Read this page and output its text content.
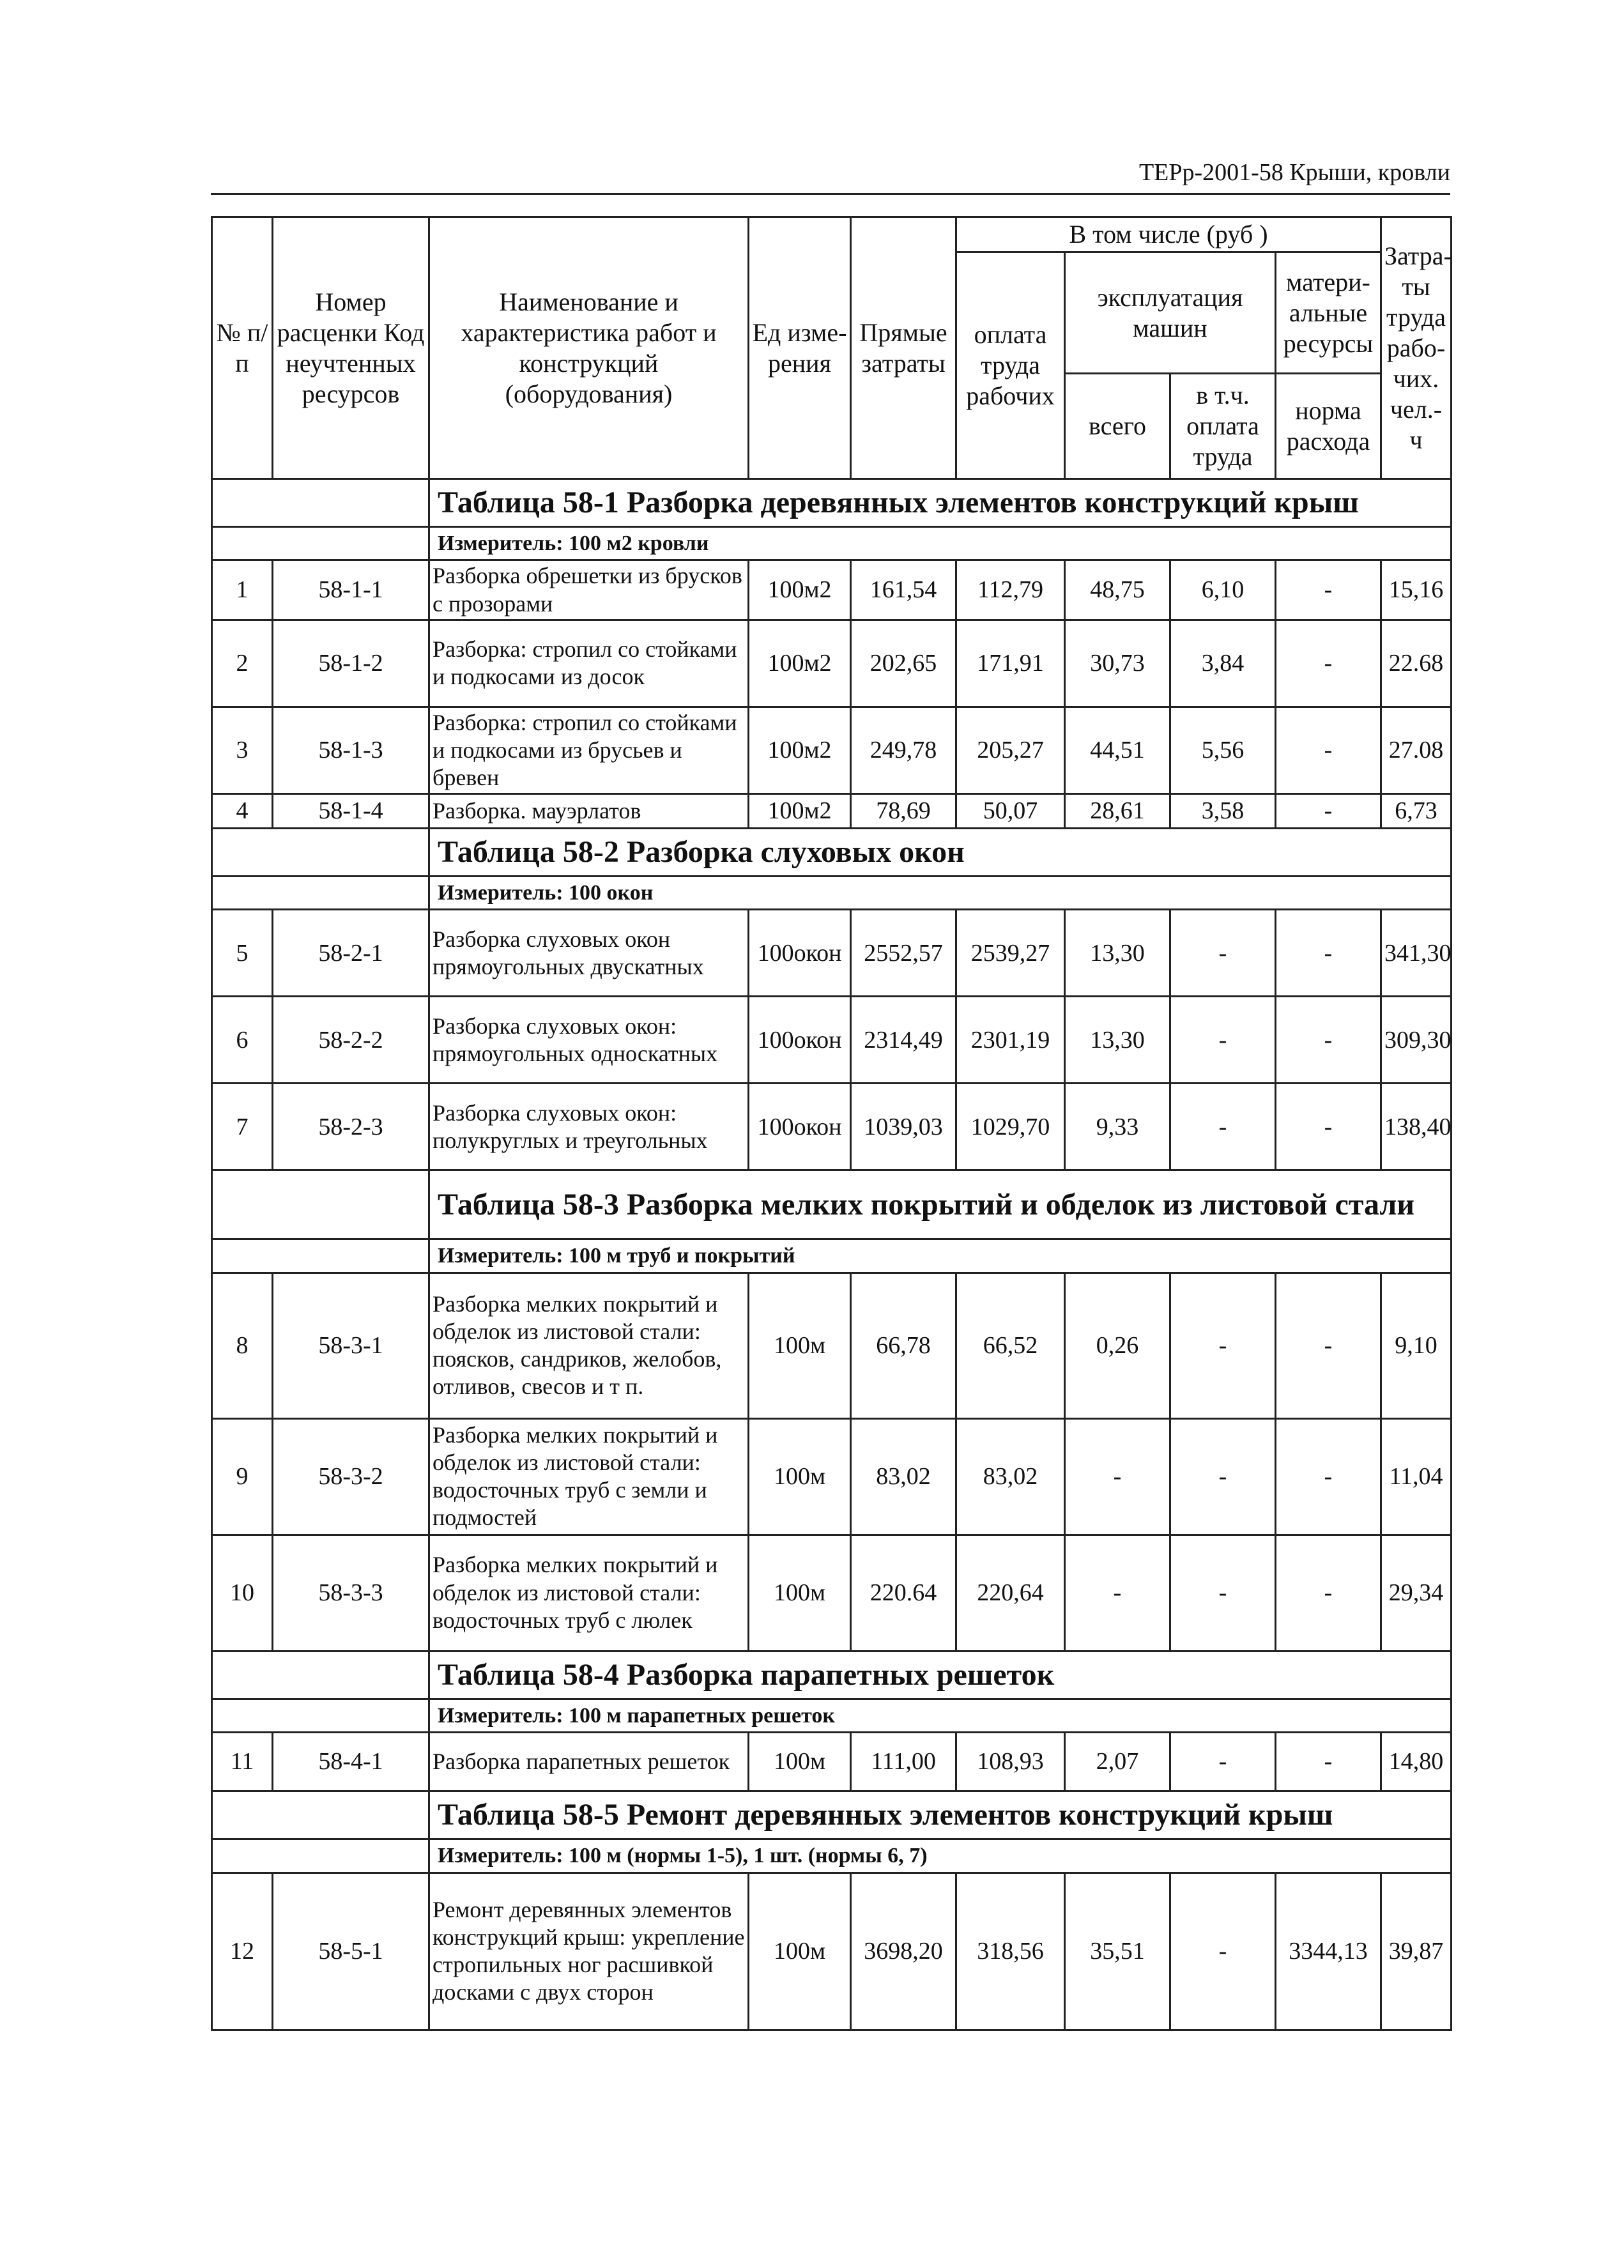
ТЕРр-2001-58 Крыши, кровли
№ п/п	Номер расценки Код неучтенных ресурсов	Наименование и характеристика работ и конструкций (оборудования)	Ед изме-рения	Прямые затраты	В том числе (руб )				Затра-ты труда рабо-чих. чел.-ч
					оплата труда рабочих	эксплуатация машин		матери-альные ресурсы	

						всего	в т.ч. оплата труда	норма расхода	
		Таблица 58-1 Разборка деревянных элементов конструкций крыш							
		Измеритель: 100 м2 кровли							
1	58-1-1	Разборка обрешетки из брусков с прозорами	100м2	161,54	112,79	48,75	6,10	-	15,16
2	58-1-2	Разборка: стропил со стойками и подкосами из досок	100м2	202,65	171,91	30,73	3,84	-	22.68
3	58-1-3	Разборка: стропил со стойками и подкосами из брусьев и бревен	100м2	249,78	205,27	44,51	5,56	-	27.08
4	58-1-4	Разборка. мауэрлатов	100м2	78,69	50,07	28,61	3,58	-	6,73
		Таблица 58-2 Разборка слуховых окон							
		Измеритель: 100 окон							
5	58-2-1	Разборка слуховых окон прямоугольных двускатных	100окон	2552,57	2539,27	13,30	-	-	341,30
6	58-2-2	Разборка слуховых окон: прямоугольных односкатных	100окон	2314,49	2301,19	13,30	-	-	309,30
7	58-2-3	Разборка слуховых окон: полукруглых и треугольных	100окон	1039,03	1029,70	9,33	-	-	138,40
		Таблица 58-3 Разборка мелких покрытий и обделок из листовой стали							
		Измеритель: 100 м труб и покрытий							
8	58-3-1	Разборка мелких покрытий и обделок из листовой стали: поясков, сандриков, желобов, отливов, свесов и т п.	100м	66,78	66,52	0,26	-	-	9,10
9	58-3-2	Разборка мелких покрытий и обделок из листовой стали: водосточных труб с земли и подмостей	100м	83,02	83,02	-	-	-	11,04
10	58-3-3	Разборка мелких покрытий и обделок из листовой стали: водосточных труб с люлек	100м	220.64	220,64	-	-	-	29,34
		Таблица 58-4 Разборка парапетных решеток							
		Измеритель: 100 м парапетных решеток							
11	58-4-1	Разборка парапетных решеток	100м	111,00	108,93	2,07	-	-	14,80
		Таблица 58-5 Ремонт деревянных элементов конструкций крыш							
		Измеритель: 100 м (нормы 1-5), 1 шт. (нормы 6, 7)							
12	58-5-1	Ремонт деревянных элементов конструкций крыш: укрепление стропильных ног расшивкой досками с двух сторон	100м	3698,20	318,56	35,51	-	3344,13	39,87
